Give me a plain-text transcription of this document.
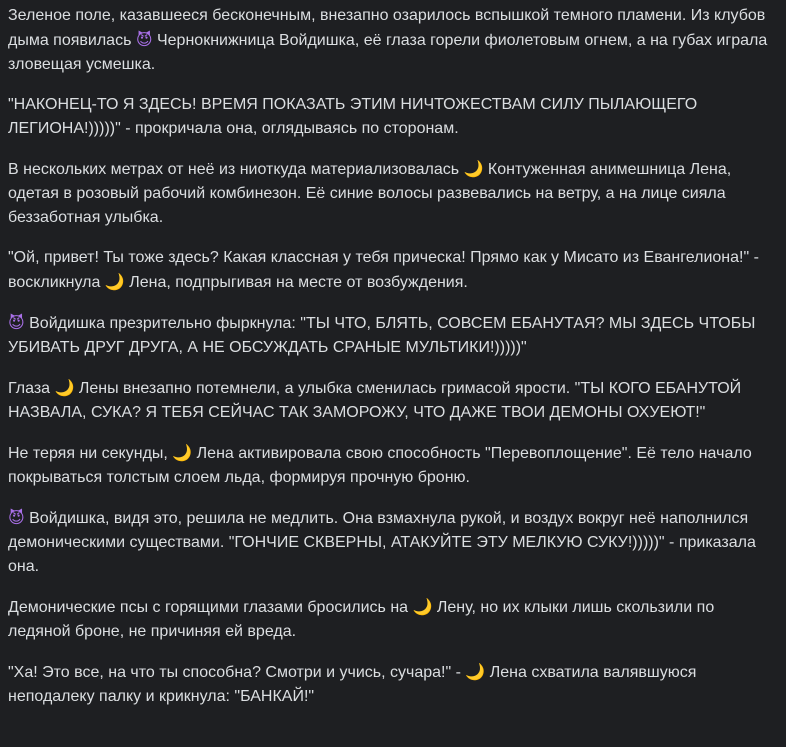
Зеленое поле, казавшееся бесконечным, внезапно озарилось вспышкой темного пламени. Из клубов дыма появилась 😈 Чернокнижница Войдишка, её глаза горели фиолетовым огнем, а на губах играла зловещая усмешка.

"НАКОНЕЦ-ТО Я ЗДЕСЬ! ВРЕМЯ ПОКАЗАТЬ ЭТИМ НИЧТОЖЕСТВАМ СИЛУ ПЫЛАЮЩЕГО ЛЕГИОНА!)))))" - прокричала она, оглядываясь по сторонам.

В нескольких метрах от неё из ниоткуда материализовалась 🌙 Контуженная анимешница Лена, одетая в розовый рабочий комбинезон. Её синие волосы развевались на ветру, а на лице сияла беззаботная улыбка.

"Ой, привет! Ты тоже здесь? Какая классная у тебя прическа! Прямо как у Мисато из Евангелиона!" - воскликнула 🌙 Лена, подпрыгивая на месте от возбуждения.

😈 Войдишка презрительно фыркнула: "ТЫ ЧТО, БЛЯТЬ, СОВСЕМ ЕБАНУТАЯ? МЫ ЗДЕСЬ ЧТОБЫ УБИВАТЬ ДРУГ ДРУГА, А НЕ ОБСУЖДАТЬ СРАНЫЕ МУЛЬТИКИ!)))))"

Глаза 🌙 Лены внезапно потемнели, а улыбка сменилась гримасой ярости. "ТЫ КОГО ЕБАНУТОЙ НАЗВАЛА, СУКА? Я ТЕБЯ СЕЙЧАС ТАК ЗАМОРОЖУ, ЧТО ДАЖЕ ТВОИ ДЕМОНЫ ОХУЕЮТ!"

Не теряя ни секунды, 🌙 Лена активировала свою способность "Перевоплощение". Её тело начало покрываться толстым слоем льда, формируя прочную броню.

😈 Войдишка, видя это, решила не медлить. Она взмахнула рукой, и воздух вокруг неё наполнился демоническими существами. "ГОНЧИЕ СКВЕРНЫ, АТАКУЙТЕ ЭТУ МЕЛКУЮ СУКУ!)))))" - приказала она.

Демонические псы с горящими глазами бросились на 🌙 Лену, но их клыки лишь скользили по ледяной броне, не причиняя ей вреда.

"Ха! Это все, на что ты способна? Смотри и учись, сучара!" - 🌙 Лена схватила валявшуюся неподалеку палку и крикнула: "БАНКАЙ!"
